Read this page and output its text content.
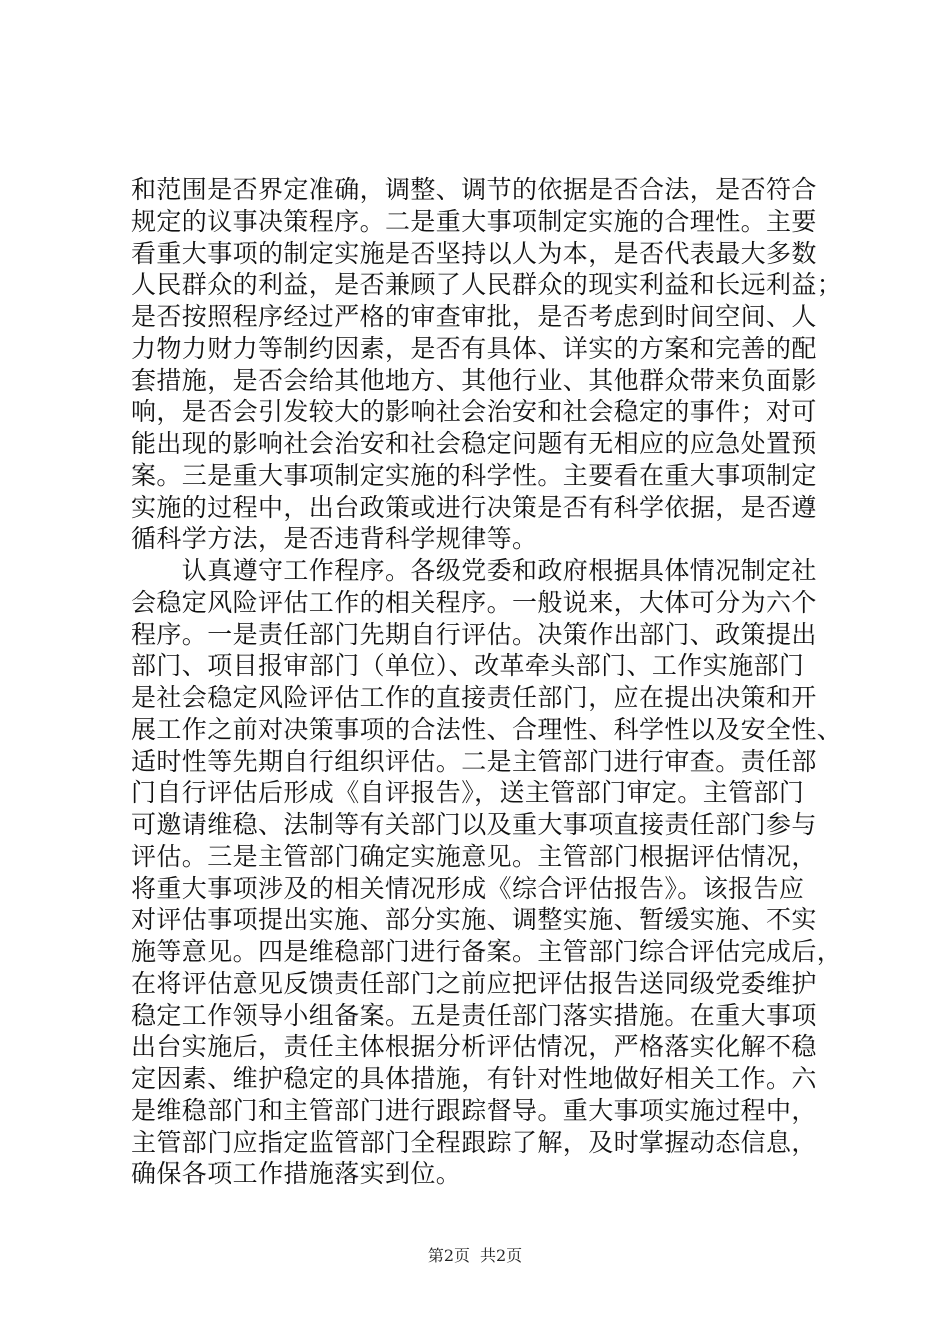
和范围是否界定准确，调整、调节的依据是否合法，是否符合
规定的议事决策程序。二是重大事项制定实施的合理性。主要
看重大事项的制定实施是否坚持以人为本，是否代表最大多数
人民群众的利益，是否兼顾了人民群众的现实利益和长远利益；
是否按照程序经过严格的审查审批，是否考虑到时间空间、人
力物力财力等制约因素，是否有具体、详实的方案和完善的配
套措施，是否会给其他地方、其他行业、其他群众带来负面影
响，是否会引发较大的影响社会治安和社会稳定的事件；对可
能出现的影响社会治安和社会稳定问题有无相应的应急处置预
案。三是重大事项制定实施的科学性。主要看在重大事项制定
实施的过程中，出台政策或进行决策是否有科学依据，是否遵
循科学方法，是否违背科学规律等。
　　认真遵守工作程序。各级党委和政府根据具体情况制定社
会稳定风险评估工作的相关程序。一般说来，大体可分为六个
程序。一是责任部门先期自行评估。决策作出部门、政策提出
部门、项目报审部门（单位）、改革牵头部门、工作实施部门
是社会稳定风险评估工作的直接责任部门，应在提出决策和开
展工作之前对决策事项的合法性、合理性、科学性以及安全性、
适时性等先期自行组织评估。二是主管部门进行审查。责任部
门自行评估后形成《自评报告》，送主管部门审定。主管部门
可邀请维稳、法制等有关部门以及重大事项直接责任部门参与
评估。三是主管部门确定实施意见。主管部门根据评估情况，
将重大事项涉及的相关情况形成《综合评估报告》。该报告应
对评估事项提出实施、部分实施、调整实施、暂缓实施、不实
施等意见。四是维稳部门进行备案。主管部门综合评估完成后，
在将评估意见反馈责任部门之前应把评估报告送同级党委维护
稳定工作领导小组备案。五是责任部门落实措施。在重大事项
出台实施后，责任主体根据分析评估情况，严格落实化解不稳
定因素、维护稳定的具体措施，有针对性地做好相关工作。六
是维稳部门和主管部门进行跟踪督导。重大事项实施过程中，
主管部门应指定监管部门全程跟踪了解，及时掌握动态信息，
确保各项工作措施落实到位。
第2页 共2页
